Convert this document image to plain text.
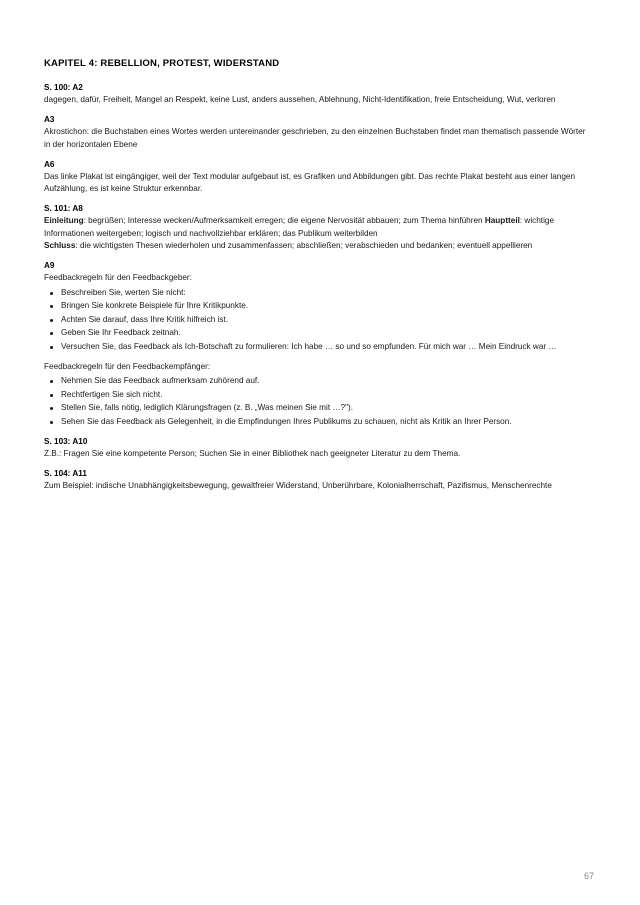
KAPITEL 4: REBELLION, PROTEST, WIDERSTAND
S. 100: A2

dagegen, dafür, Freiheit, Mangel an Respekt, keine Lust, anders aussehen, Ablehnung, Nicht-Identifikation, freie Entscheidung, Wut, verloren

A3

Akrostichon: die Buchstaben eines Wortes werden untereinander geschrieben, zu den einzelnen Buchstaben findet man thematisch passende Wörter in der horizontalen Ebene

A6

Das linke Plakat ist eingängiger, weil der Text modular aufgebaut ist, es Grafiken und Abbildungen gibt. Das rechte Plakat besteht aus einer langen Aufzählung, es ist keine Struktur erkennbar.

S. 101: A8

Einleitung: begrüßen; Interesse wecken/Aufmerksamkeit erregen; die eigene Nervosität abbauen; zum Thema hinführen Hauptteil: wichtige Informationen weitergeben; logisch und nachvollziehbar erklären; das Publikum weiterbilden

Schluss: die wichtigsten Thesen wiederholen und zusammenfassen; abschließen; verabschieden und bedanken; eventuell appellieren

A9

Feedbackregeln für den Feedbackgeber:

Beschreiben Sie, werten Sie nicht:
Bringen Sie konkrete Beispiele für Ihre Kritikpunkte.
Achten Sie darauf, dass Ihre Kritik hilfreich ist.
Geben Sie Ihr Feedback zeitnah.
Versuchen Sie, das Feedback als Ich-Botschaft zu formulieren: Ich habe … so und so empfunden. Für mich war … Mein Eindruck war …

Feedbackregeln für den Feedbackempfänger:

Nehmen Sie das Feedback aufmerksam zuhörend auf.
Rechtfertigen Sie sich nicht.
Stellen Sie, falls nötig, lediglich Klärungsfragen (z. B. „Was meinen Sie mit …?").
Sehen Sie das Feedback als Gelegenheit, in die Empfindungen Ihres Publikums zu schauen, nicht als Kritik an Ihrer Person.
S. 103: A10

Z.B.: Fragen Sie eine kompetente Person; Suchen Sie in einer Bibliothek nach geeigneter Literatur zu dem Thema.

S. 104: A11

Zum Beispiel: indische Unabhängigkeitsbewegung, gewaltfreier Widerstand, Unberührbare, Kolonialherrschaft, Pazifismus, Menschenrechte

67
